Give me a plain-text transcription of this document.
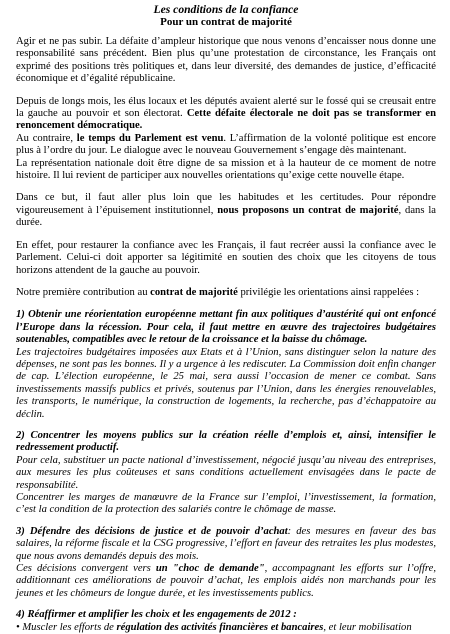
Les conditions de la confiance
Pour un contrat de majorité

Agir et ne pas subir. La défaite d’ampleur historique que nous venons d’encaisser nous donne une responsabilité sans précédent. Bien plus qu’une protestation de circonstance, les Français ont exprimé des positions très politiques et, dans leur diversité, des demandes de justice, d’efficacité économique et d’égalité républicaine.

Depuis de longs mois, les élus locaux et les députés avaient alerté sur le fossé qui se creusait entre la gauche au pouvoir et son électorat. Cette défaite électorale ne doit pas se transformer en renoncement démocratique.

Au contraire, le temps du Parlement est venu. L’affirmation de la volonté politique est encore plus à l’ordre du jour. Le dialogue avec le nouveau Gouvernement s’engage dès maintenant.

La représentation nationale doit être digne de sa mission et à la hauteur de ce moment de notre histoire. Il lui revient de participer aux nouvelles orientations qu’exige cette nouvelle étape.

Dans ce but, il faut aller plus loin que les habitudes et les certitudes. Pour répondre vigoureusement à l’épuisement institutionnel, nous proposons un contrat de majorité, dans la durée.

En effet, pour restaurer la confiance avec les Français, il faut recréer aussi la confiance avec le Parlement. Celui-ci doit apporter sa légitimité en soutien des choix que les citoyens de tous horizons attendent de la gauche au pouvoir.

Notre première contribution au contrat de majorité privilégie les orientations ainsi rappelées :

1) Obtenir une réorientation européenne mettant fin aux politiques d’austérité qui ont enfoncé l’Europe dans la récession. Pour cela, il faut mettre en œuvre des trajectoires budgétaires soutenables, compatibles avec le retour de la croissance et la baisse du chômage.
Les trajectoires budgétaires imposées aux Etats et à l’Union, sans distinguer selon la nature des dépenses, ne sont pas les bonnes. Il y a urgence à les rediscuter. La Commission doit enfin changer de cap. L’élection européenne, le 25 mai, sera aussi l’occasion de mener ce combat. Sans investissements massifs publics et privés, soutenus par l’Union, dans les énergies renouvelables, les transports, le numérique, la construction de logements, la recherche, pas d’échappatoire au déclin.
2) Concentrer les moyens publics sur la création réelle d’emplois et, ainsi, intensifier le redressement productif.
Pour cela, substituer un pacte national d’investissement, négocié jusqu’au niveau des entreprises, aux mesures les plus coûteuses et sans conditions actuellement envisagées dans le pacte de responsabilité.
Concentrer les marges de manœuvre de la France sur l’emploi, l’investissement, la formation, c’est la condition de la protection des salariés contre le chômage de masse.
3) Défendre des décisions de justice et de pouvoir d’achat: des mesures en faveur des bas salaires, la réforme fiscale et la CSG progressive, l’effort en faveur des retraites les plus modestes, que nous avons demandés depuis des mois.
Ces décisions convergent vers un "choc de demande", accompagnant les efforts sur l’offre, additionnant ces améliorations de pouvoir d’achat, les emplois aidés non marchands pour les jeunes et les chômeurs de longue durée, et les investissements publics.
4) Réaffirmer et amplifier les choix et les engagements de 2012 :
• Muscler les efforts de régulation des activités financières et bancaires, et leur mobilisation
